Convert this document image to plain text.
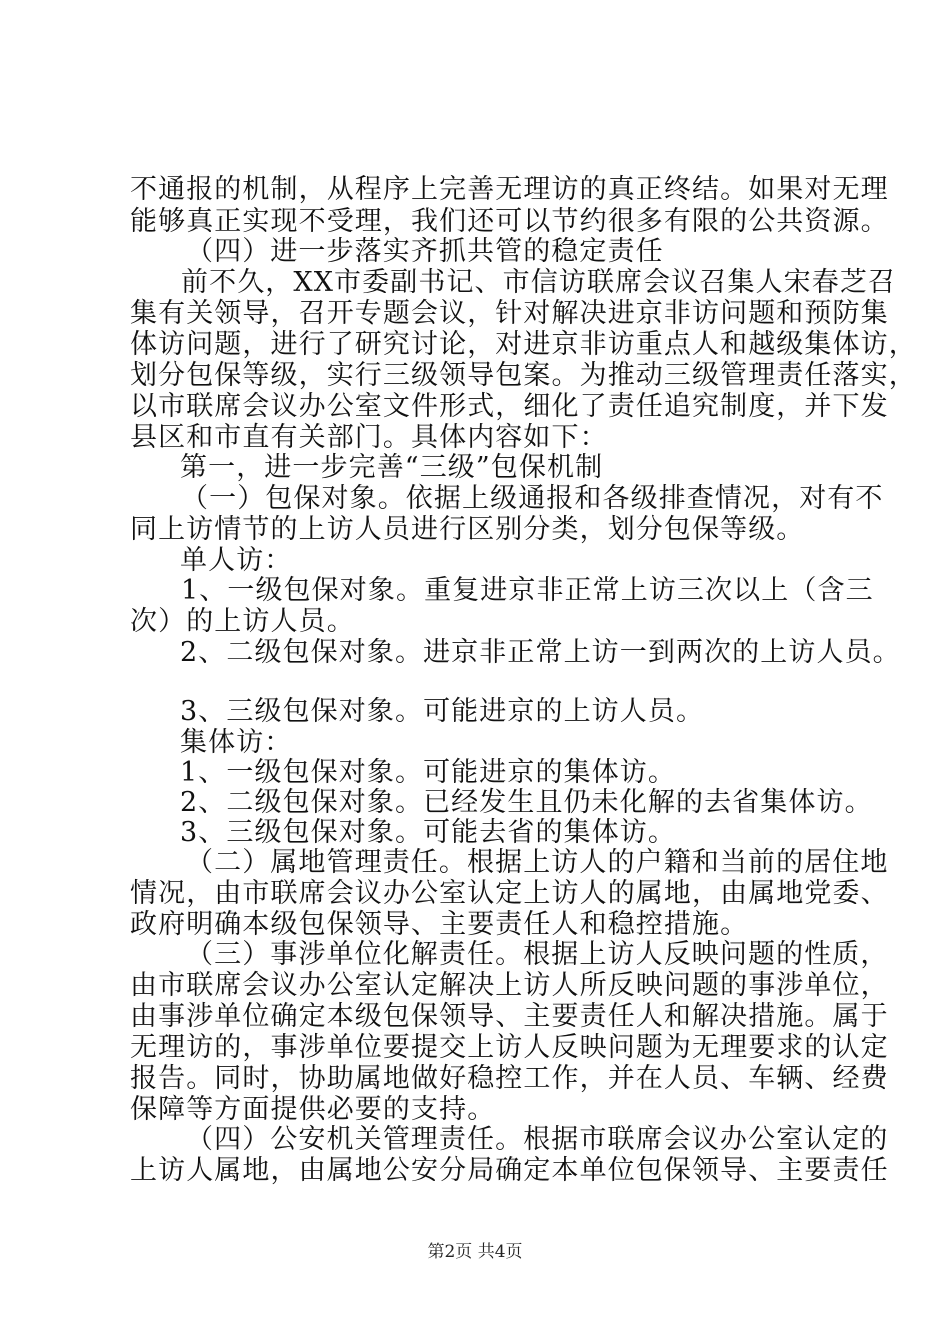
不通报的机制，从程序上完善无理访的真正终结。如果对无理
能够真正实现不受理，我们还可以节约很多有限的公共资源。
（四）进一步落实齐抓共管的稳定责任
前不久，XX市委副书记、市信访联席会议召集人宋春芝召
集有关领导，召开专题会议，针对解决进京非访问题和预防集
体访问题，进行了研究讨论，对进京非访重点人和越级集体访，
划分包保等级，实行三级领导包案。为推动三级管理责任落实，
以市联席会议办公室文件形式，细化了责任追究制度，并下发
县区和市直有关部门。具体内容如下：
第一，进一步完善“三级”包保机制
（一）包保对象。依据上级通报和各级排查情况，对有不
同上访情节的上访人员进行区别分类，划分包保等级。
单人访：
1、一级包保对象。重复进京非正常上访三次以上（含三
次）的上访人员。
2、二级包保对象。进京非正常上访一到两次的上访人员。
3、三级包保对象。可能进京的上访人员。
集体访：
1、一级包保对象。可能进京的集体访。
2、二级包保对象。已经发生且仍未化解的去省集体访。
3、三级包保对象。可能去省的集体访。
（二）属地管理责任。根据上访人的户籍和当前的居住地
情况，由市联席会议办公室认定上访人的属地，由属地党委、
政府明确本级包保领导、主要责任人和稳控措施。
（三）事涉单位化解责任。根据上访人反映问题的性质，
由市联席会议办公室认定解决上访人所反映问题的事涉单位，
由事涉单位确定本级包保领导、主要责任人和解决措施。属于
无理访的，事涉单位要提交上访人反映问题为无理要求的认定
报告。同时，协助属地做好稳控工作，并在人员、车辆、经费
保障等方面提供必要的支持。
（四）公安机关管理责任。根据市联席会议办公室认定的
上访人属地，由属地公安分局确定本单位包保领导、主要责任
第2页 共4页
